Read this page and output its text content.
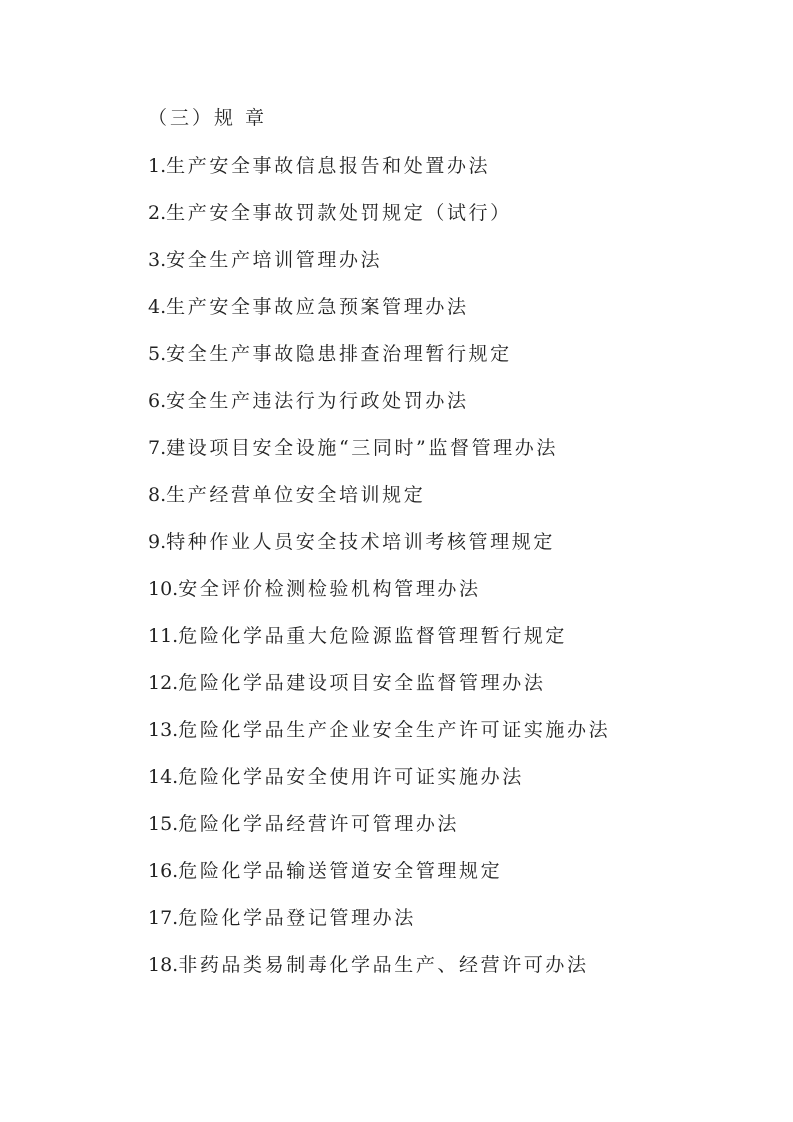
（三）规 章
1.生产安全事故信息报告和处置办法
2.生产安全事故罚款处罚规定（试行）
3.安全生产培训管理办法
4.生产安全事故应急预案管理办法
5.安全生产事故隐患排查治理暂行规定
6.安全生产违法行为行政处罚办法
7.建设项目安全设施“三同时”监督管理办法
8.生产经营单位安全培训规定
9.特种作业人员安全技术培训考核管理规定
10.安全评价检测检验机构管理办法
11.危险化学品重大危险源监督管理暂行规定
12.危险化学品建设项目安全监督管理办法
13.危险化学品生产企业安全生产许可证实施办法
14.危险化学品安全使用许可证实施办法
15.危险化学品经营许可管理办法
16.危险化学品输送管道安全管理规定
17.危险化学品登记管理办法
18.非药品类易制毒化学品生产、经营许可办法
